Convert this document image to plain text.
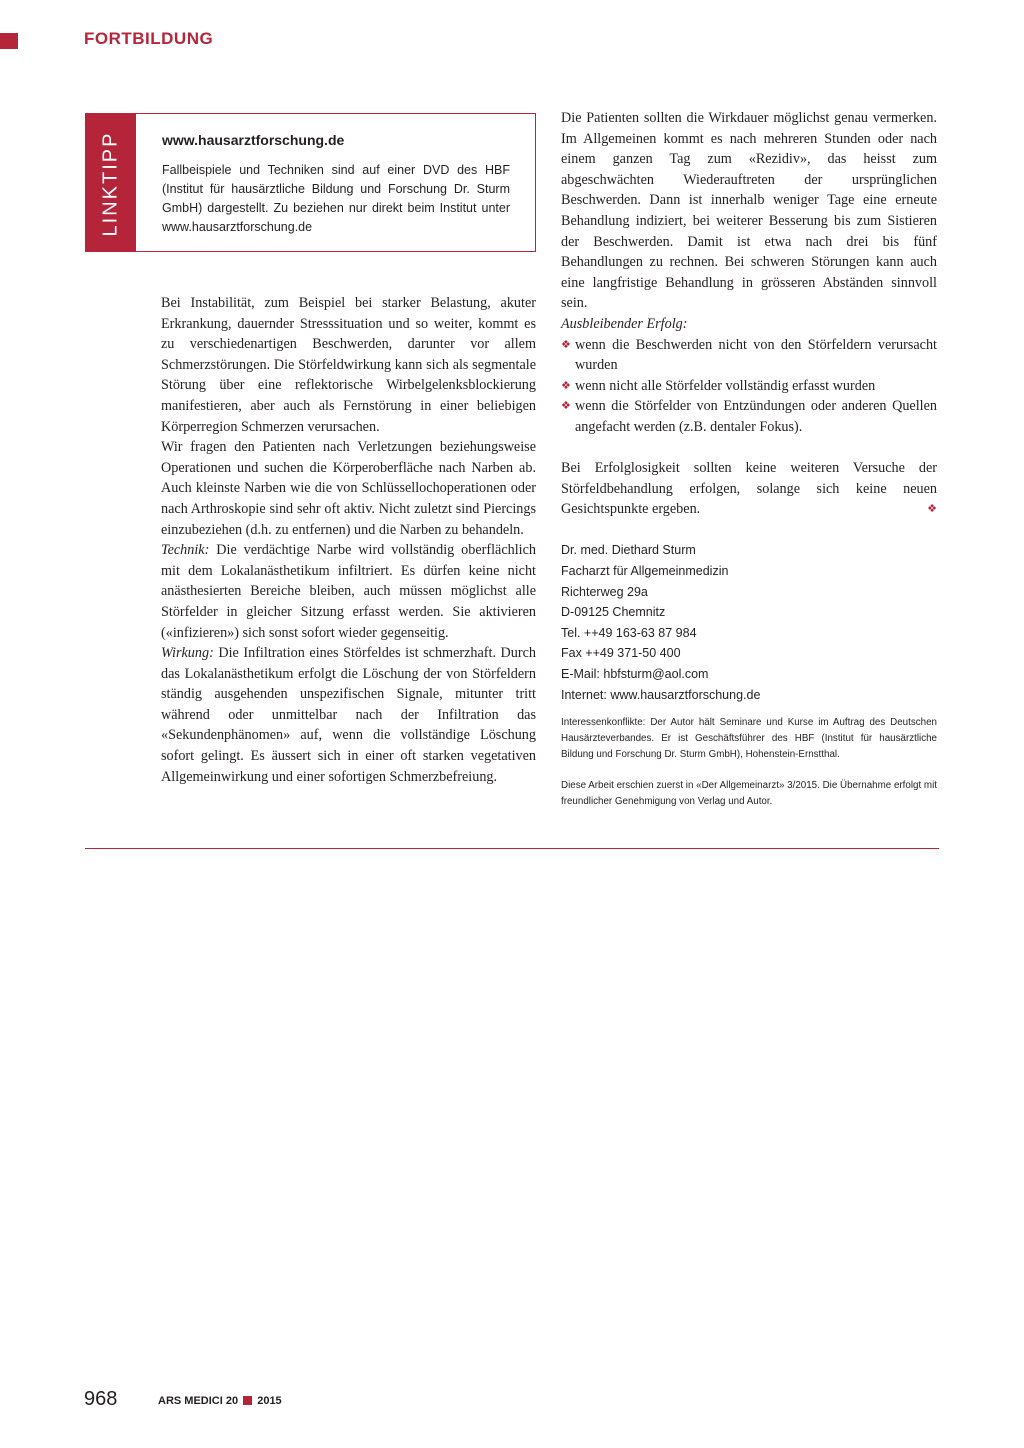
FORTBILDUNG
LINKTIPP	www.hausarztforschung.de
Fallbeispiele und Techniken sind auf einer DVD des HBF (Institut für hausärztliche Bildung und Forschung Dr. Sturm GmbH) dargestellt. Zu beziehen nur direkt beim Institut unter www.hausarztforschung.de

Bei Instabilität, zum Beispiel bei starker Belastung, akuter Erkrankung, dauernder Stresssituation und so weiter, kommt es zu verschiedenartigen Beschwerden, darunter vor allem Schmerzstörungen. Die Störfeldwirkung kann sich als segmentale Störung über eine reflektorische Wirbelgelenksblockierung manifestieren, aber auch als Fernstörung in einer beliebigen Körperregion Schmerzen verursachen.

Wir fragen den Patienten nach Verletzungen beziehungsweise Operationen und suchen die Körperoberfläche nach Narben ab. Auch kleinste Narben wie die von Schlüssellochoperationen oder nach Arthroskopie sind sehr oft aktiv. Nicht zuletzt sind Piercings einzubeziehen (d.h. zu entfernen) und die Narben zu behandeln.

Technik: Die verdächtige Narbe wird vollständig oberflächlich mit dem Lokalanästhetikum infiltriert. Es dürfen keine nicht anästhesierten Bereiche bleiben, auch müssen möglichst alle Störfelder in gleicher Sitzung erfasst werden. Sie aktivieren («infizieren») sich sonst sofort wieder gegenseitig.

Wirkung: Die Infiltration eines Störfeldes ist schmerzhaft. Durch das Lokalanästhetikum erfolgt die Löschung der von Störfeldern ständig ausgehenden unspezifischen Signale, mitunter tritt während oder unmittelbar nach der Infiltration das «Sekundenphänomen» auf, wenn die vollständige Löschung sofort gelingt. Es äussert sich in einer oft starken vegetativen Allgemeinwirkung und einer sofortigen Schmerzbefreiung.

Die Patienten sollten die Wirkdauer möglichst genau vermerken. Im Allgemeinen kommt es nach mehreren Stunden oder nach einem ganzen Tag zum «Rezidiv», das heisst zum abgeschwächten Wiederauftreten der ursprünglichen Beschwerden. Dann ist innerhalb weniger Tage eine erneute Behandlung indiziert, bei weiterer Besserung bis zum Sistieren der Beschwerden. Damit ist etwa nach drei bis fünf Behandlungen zu rechnen. Bei schweren Störungen kann auch eine langfristige Behandlung in grösseren Abständen sinnvoll sein.

Ausbleibender Erfolg:

❖ wenn die Beschwerden nicht von den Störfeldern verursacht wurden
❖ wenn nicht alle Störfelder vollständig erfasst wurden
❖ wenn die Störfelder von Entzündungen oder anderen Quellen angefacht werden (z.B. dentaler Fokus).

Bei Erfolglosigkeit sollten keine weiteren Versuche der Störfeldbehandlung erfolgen, solange sich keine neuen Gesichtspunkte ergeben.	❖

Dr. med. Diethard Sturm
Facharzt für Allgemeinmedizin
Richterweg 29a
D-09125 Chemnitz
Tel. ++49 163-63 87 984
Fax ++49 371-50 400
E-Mail: hbfsturm@aol.com
Internet: www.hausarztforschung.de
Interessenkonflikte: Der Autor hält Seminare und Kurse im Auftrag des Deutschen Hausärzteverbandes. Er ist Geschäftsführer des HBF (Institut für hausärztliche Bildung und Forschung Dr. Sturm GmbH), Hohenstein-Ernstthal.
Diese Arbeit erschien zuerst in «Der Allgemeinarzt» 3/2015. Die Übernahme erfolgt mit freundlicher Genehmigung von Verlag und Autor.
968	ARS MEDICI 20 2015
